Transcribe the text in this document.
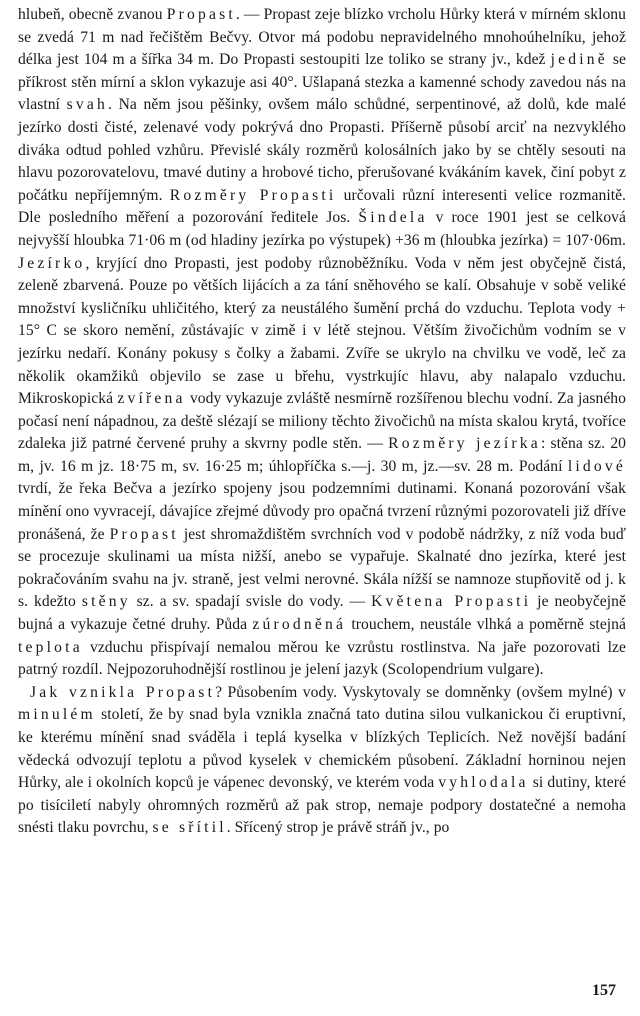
hlubeň, obecně zvanou Propast. — Propast zeje blízko vrcholu Hůrky která v mírném sklonu se zvedá 71 m nad řečištěm Bečvy. Otvor má podobu nepravidelného mnohoúhelníku, jehož délka jest 104 m a šířka 34 m. Do Propasti sestoupiti lze toliko se strany jv., kdež jedině se příkrost stěn mírní a sklon vykazuje asi 40°. Ušlapaná stezka a kamenné schody zavedou nás na vlastní svah. Na něm jsou pěšinky, ovšem málo schůdné, serpentinové, až dolů, kde malé jezírko dosti čisté, zelenavé vody pokrývá dno Propasti. Příšerně působí arciť na nezvyklého diváka odtud pohled vzhůru. Převislé skály rozměrů kolosálních jako by se chtěly sesouti na hlavu pozorovatelovu, tmavé dutiny a hrobové ticho, přerušované kvákáním kavek, činí pobyt z počátku nepříjemným. Rozměry Propasti určovali různí interesenti velice rozmanitě. Dle posledního měření a pozorování ředitele Jos. Šindela v roce 1901 jest se celková nejvyšší hloubka 71·06 m (od hladiny jezírka po výstupek) +36 m (hloubka jezírka) = 107·06m. Jezírko, kryjící dno Propasti, jest podoby různoběžníku. Voda v něm jest obyčejně čistá, zeleně zbarvená. Pouze po větších lijácích a za tání sněhového se kalí. Obsahuje v sobě veliké množství kysličníku uhličitého, který za neustálého šumění prchá do vzduchu. Teplota vody + 15° C se skoro nemění, zůstávajíc v zimě i v létě stejnou. Větším živočichům vodním se v jezírku nedaří. Konány pokusy s čolky a žabami. Zvíře se ukrylo na chvilku ve vodě, leč za několik okamžiků objevilo se zase u břehu, vystrkujíc hlavu, aby nalapalo vzduchu. Mikroskopická zvířena vody vykazuje zvláště nesmírně rozšířenou blechu vodní. Za jasného počasí není nápadnou, za deště slézají se miliony těchto živočichů na místa skalou krytá, tvoříce zdaleka již patrné červené pruhy a skvrny podle stěn. — Rozměry jezírka: stěna sz. 20 m, jv. 16 m jz. 18·75 m, sv. 16·25 m; úhlopříčka s.—j. 30 m, jz.—sv. 28 m. Podání lidové tvrdí, že řeka Bečva a jezírko spojeny jsou podzemními dutinami. Konaná pozorování však mínění ono vyvracejí, dávajíce zřejmé důvody pro opačná tvrzení různými pozorovateli již dříve pronášená, že Propast jest shromaždištěm svrchních vod v podobě nádržky, z níž voda buď se procezuje skulinami ua místa nižší, anebo se vypařuje. Skalnaté dno jezírka, které jest pokračováním svahu na jv. straně, jest velmi nerovné. Skála nížší se namnoze stupňovitě od j. k s. kdežto stěny sz. a sv. spadají svisle do vody. — Květena Propasti je neobyčejně bujná a vykazuje četné druhy. Půda zúrodněná trouchem, neustále vlhká a poměrně stejná teplota vzduchu přispívají nemalou měrou ke vzrůstu rostlinstva. Na jaře pozorovati lze patrný rozdíl. Nejpozoruhodnější rostlinou je jelení jazyk (Scolopendrium vulgare).

Jak vznikla Propast? Působením vody. Vyskytovaly se domněnky (ovšem mylné) v minulém století, že by snad byla vznikla značná tato dutina silou vulkanickou či eruptivní, ke kterému mínění snad sváděla i teplá kyselka v blízkých Teplicích. Než novější badání vědecká odvozují teplotu a původ kyselek v chemickém působení. Základní horninou nejen Hůrky, ale i okolních kopců je vápenec devonský, ve kterém voda vyhlodala si dutiny, které po tisíciletí nabyly ohromných rozměrů až pak strop, nemaje podpory dostatečné a nemoha snésti tlaku povrchu, se sřítil. Sřícený strop je právě stráň jv., po

157
